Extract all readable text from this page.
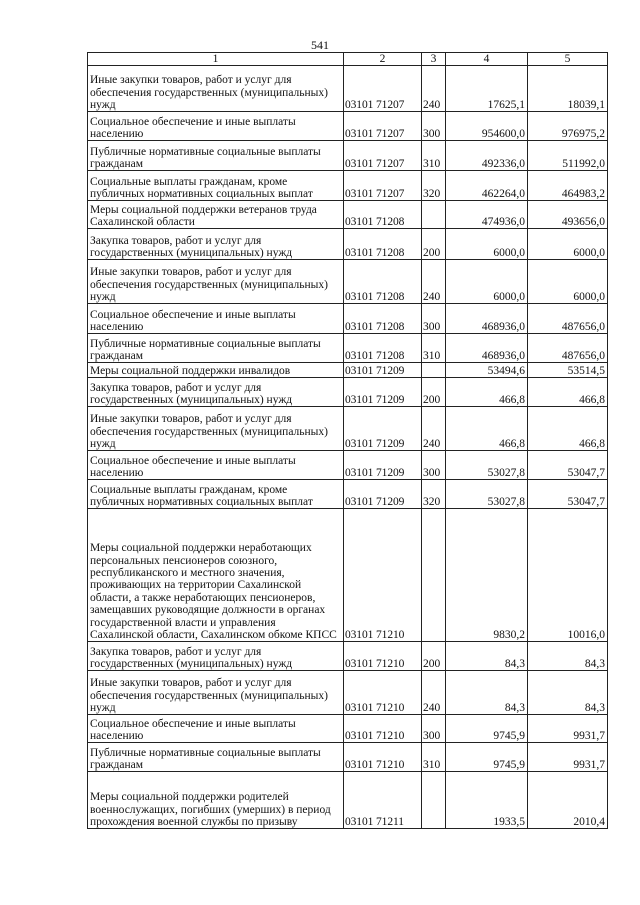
541
1	2	3	4	5
Иные закупки товаров, работ и услуг для обеспечения государственных (муниципальных) нужд	03101 71207	240	17625,1	18039,1
Социальное обеспечение и иные выплаты населению	03101 71207	300	954600,0	976975,2
Публичные нормативные социальные выплаты гражданам	03101 71207	310	492336,0	511992,0
Социальные выплаты гражданам, кроме публичных нормативных социальных выплат	03101 71207	320	462264,0	464983,2
Меры социальной поддержки ветеранов труда Сахалинской области	03101 71208		474936,0	493656,0
Закупка товаров, работ и услуг для государственных (муниципальных) нужд	03101 71208	200	6000,0	6000,0
Иные закупки товаров, работ и услуг для обеспечения государственных (муниципальных) нужд	03101 71208	240	6000,0	6000,0
Социальное обеспечение и иные выплаты населению	03101 71208	300	468936,0	487656,0
Публичные нормативные социальные выплаты гражданам	03101 71208	310	468936,0	487656,0
Меры социальной поддержки инвалидов	03101 71209		53494,6	53514,5
Закупка товаров, работ и услуг для государственных (муниципальных) нужд	03101 71209	200	466,8	466,8
Иные закупки товаров, работ и услуг для обеспечения государственных (муниципальных) нужд	03101 71209	240	466,8	466,8
Социальное обеспечение и иные выплаты населению	03101 71209	300	53027,8	53047,7
Социальные выплаты гражданам, кроме публичных нормативных социальных выплат	03101 71209	320	53027,8	53047,7
Меры социальной поддержки неработающих персональных пенсионеров союзного, республиканского и местного значения, проживающих на территории Сахалинской области, а также неработающих пенсионеров, замещавших руководящие должности в органах государственной власти и управления Сахалинской области, Сахалинском обкоме КПСС	03101 71210		9830,2	10016,0
Закупка товаров, работ и услуг для государственных (муниципальных) нужд	03101 71210	200	84,3	84,3
Иные закупки товаров, работ и услуг для обеспечения государственных (муниципальных) нужд	03101 71210	240	84,3	84,3
Социальное обеспечение и иные выплаты населению	03101 71210	300	9745,9	9931,7
Публичные нормативные социальные выплаты гражданам	03101 71210	310	9745,9	9931,7
Меры социальной поддержки родителей военнослужащих, погибших (умерших) в период прохождения военной службы по призыву	03101 71211		1933,5	2010,4
